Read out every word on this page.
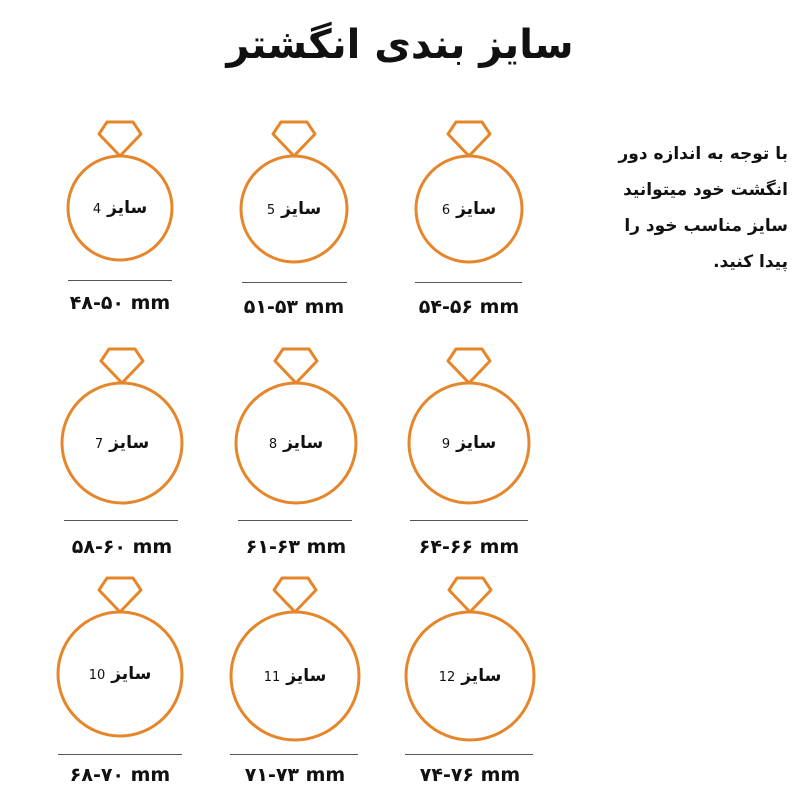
سایز بندی انگشتر
با توجه به اندازه دور
انگشت خود میتوانید
سایز مناسب خود را
پیدا کنید.
سایز4
۴۸-۵۰ mm
سایز5
۵۱-۵۳ mm
سایز6
۵۴-۵۶ mm
سایز7
۵۸-۶۰ mm
سایز8
۶۱-۶۳ mm
سایز9
۶۴-۶۶ mm
سایز10
۶۸-۷۰ mm
سایز11
۷۱-۷۳ mm
سایز12
۷۴-۷۶ mm
